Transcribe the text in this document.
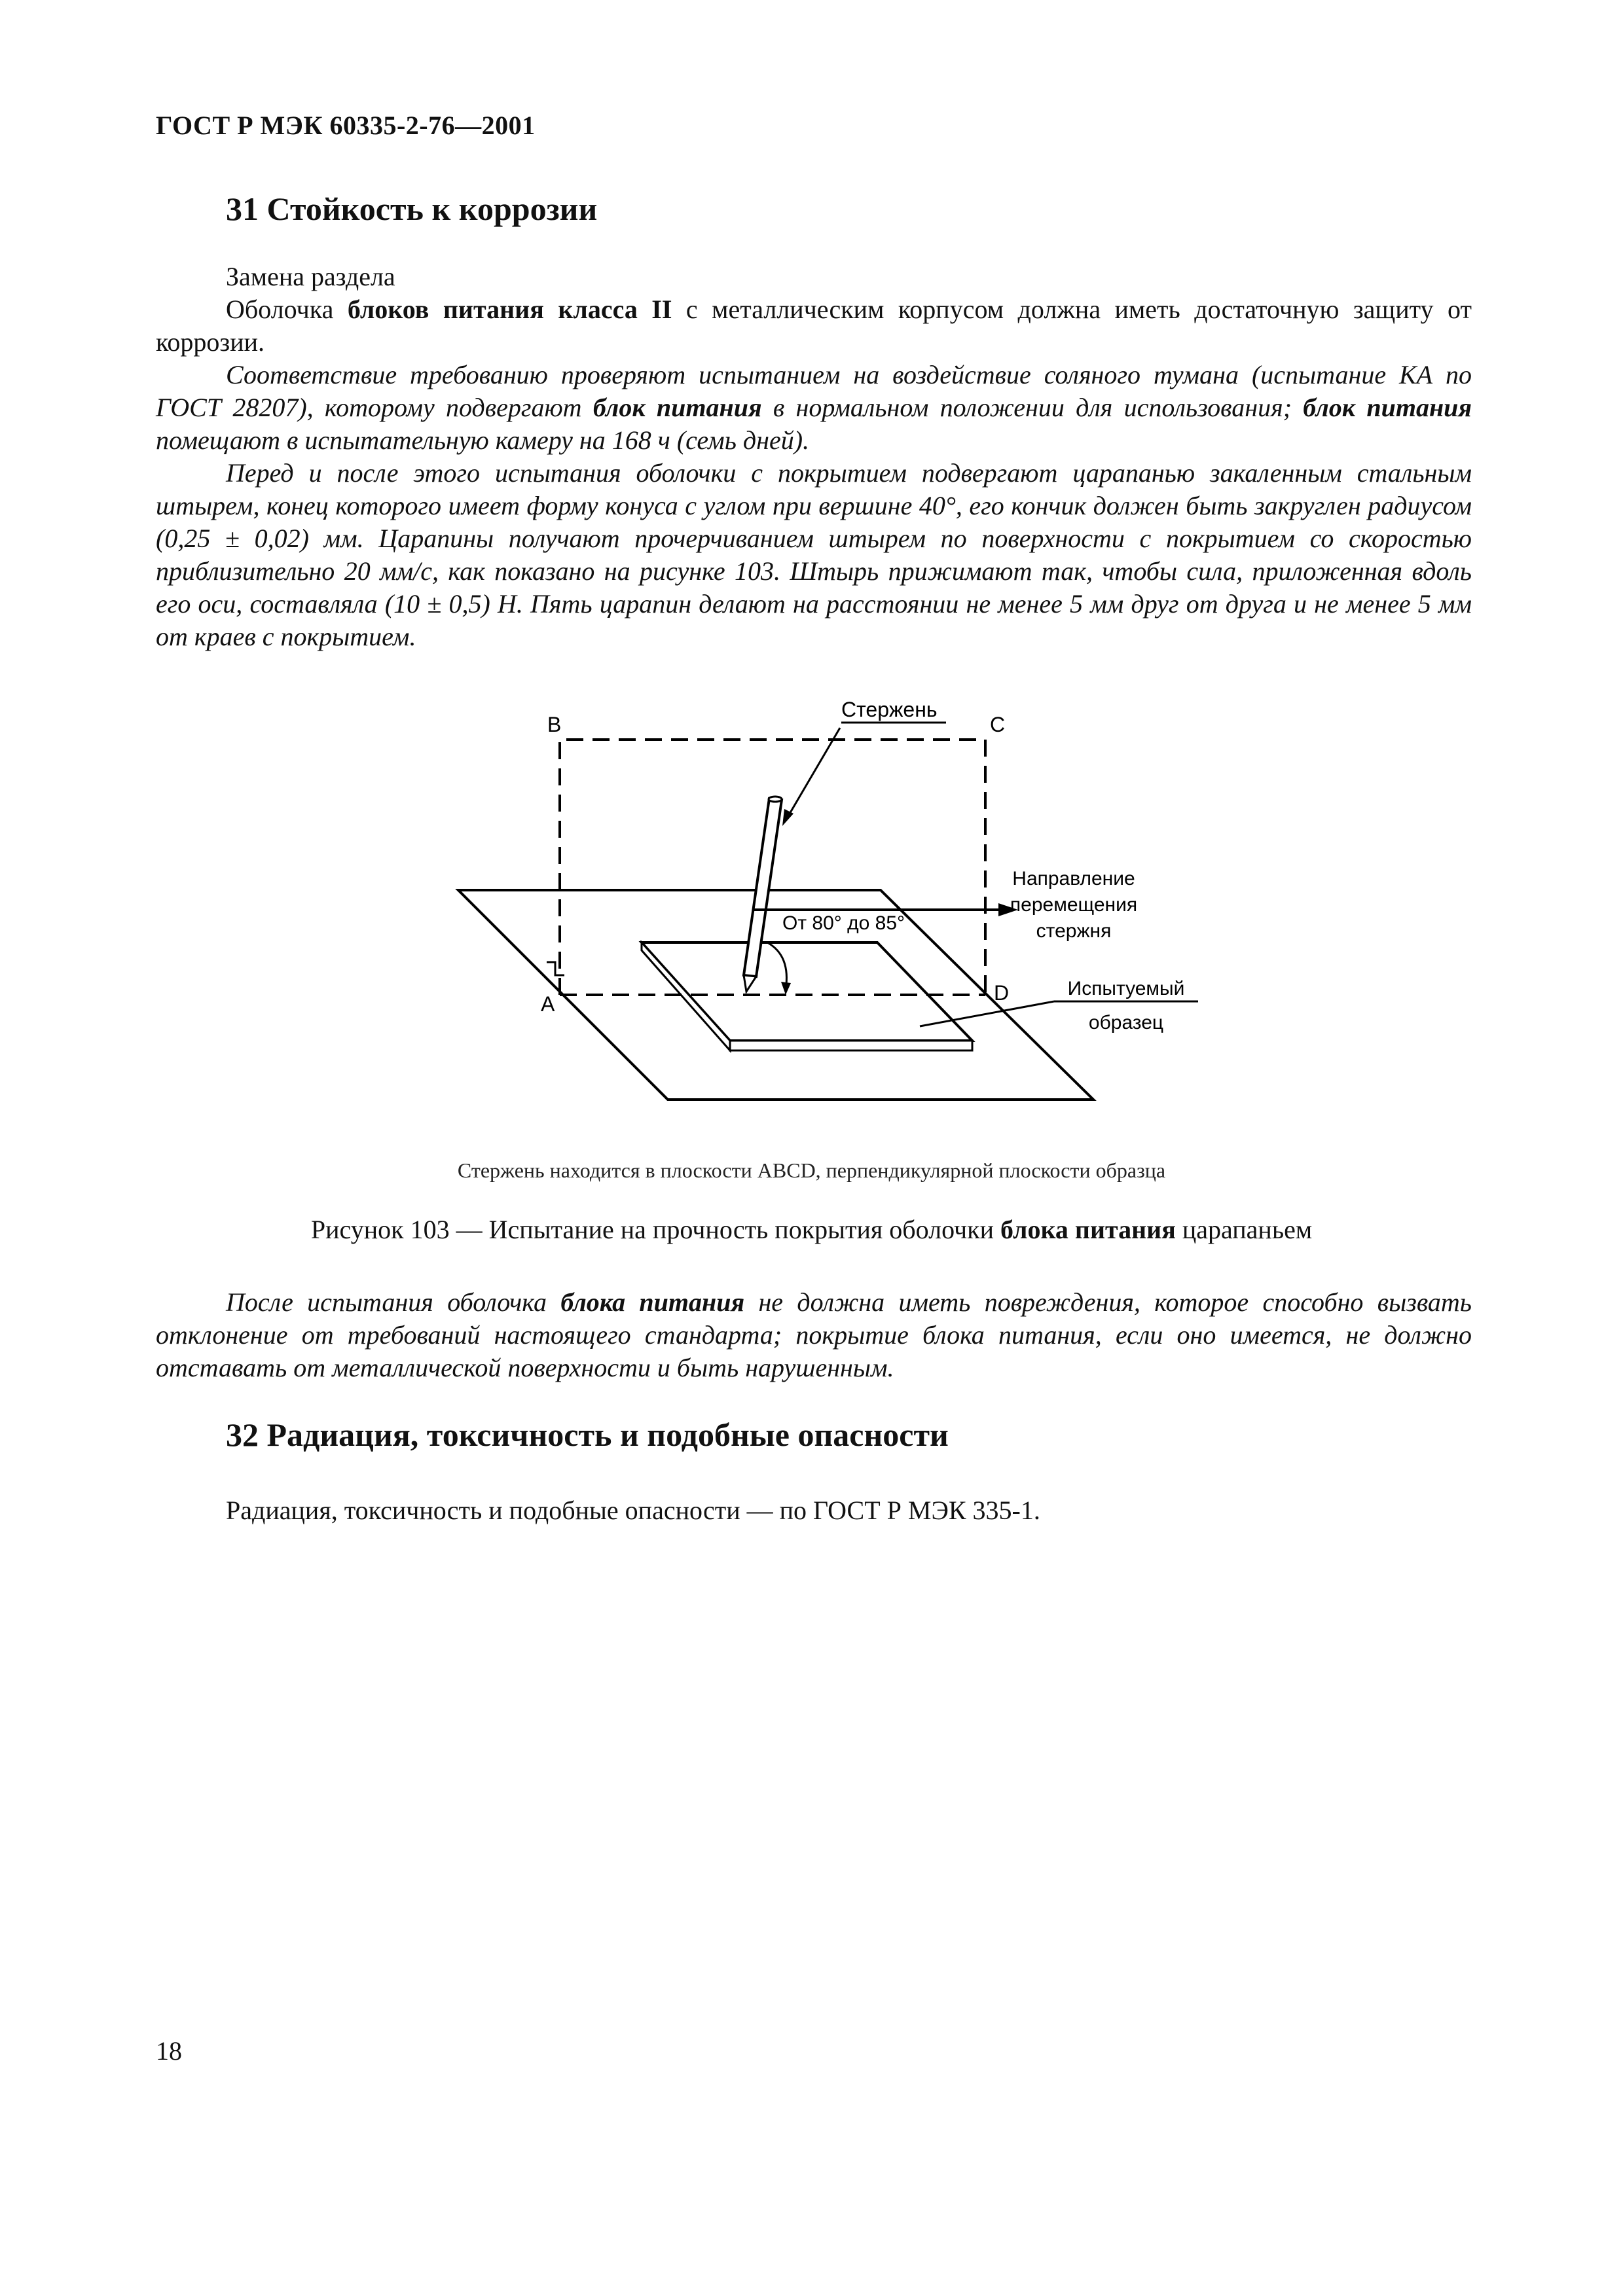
ГОСТ Р МЭК 60335-2-76—2001
31 Стойкость к коррозии
Замена раздела
Оболочка блоков питания класса II с металлическим корпусом должна иметь достаточную защиту от коррозии.
Соответствие требованию проверяют испытанием на воздействие соляного тумана (испытание КА по ГОСТ 28207), которому подвергают блок питания в нормальном положении для использования; блок питания помещают в испытательную камеру на 168 ч (семь дней).
Перед и после этого испытания оболочки с покрытием подвергают царапанью закаленным стальным штырем, конец которого имеет форму конуса с углом при вершине 40°, его кончик должен быть закруглен радиусом (0,25 ± 0,02) мм. Царапины получают прочерчиванием штырем по поверхности с покрытием со скоростью приблизительно 20 мм/с, как показано на рисунке 103. Штырь прижимают так, чтобы сила, приложенная вдоль его оси, составляла (10 ± 0,5) Н. Пять царапин делают на расстоянии не менее 5 мм друг от друга и не менее 5 мм от краев с покрытием.
Стержень
B	C
A	D
От 80° до 85°
Направление
перемещения
стержня
Испытуемый
образец
Стержень находится в плоскости ABCD, перпендикулярной плоскости образца
Рисунок 103 — Испытание на прочность покрытия оболочки блока питания царапаньем
После испытания оболочка блока питания не должна иметь повреждения, которое способно вызвать отклонение от требований настоящего стандарта; покрытие блока питания, если оно имеется, не должно отставать от металлической поверхности и быть нарушенным.
32 Радиация, токсичность и подобные опасности
Радиация, токсичность и подобные опасности — по ГОСТ Р МЭК 335-1.
18
